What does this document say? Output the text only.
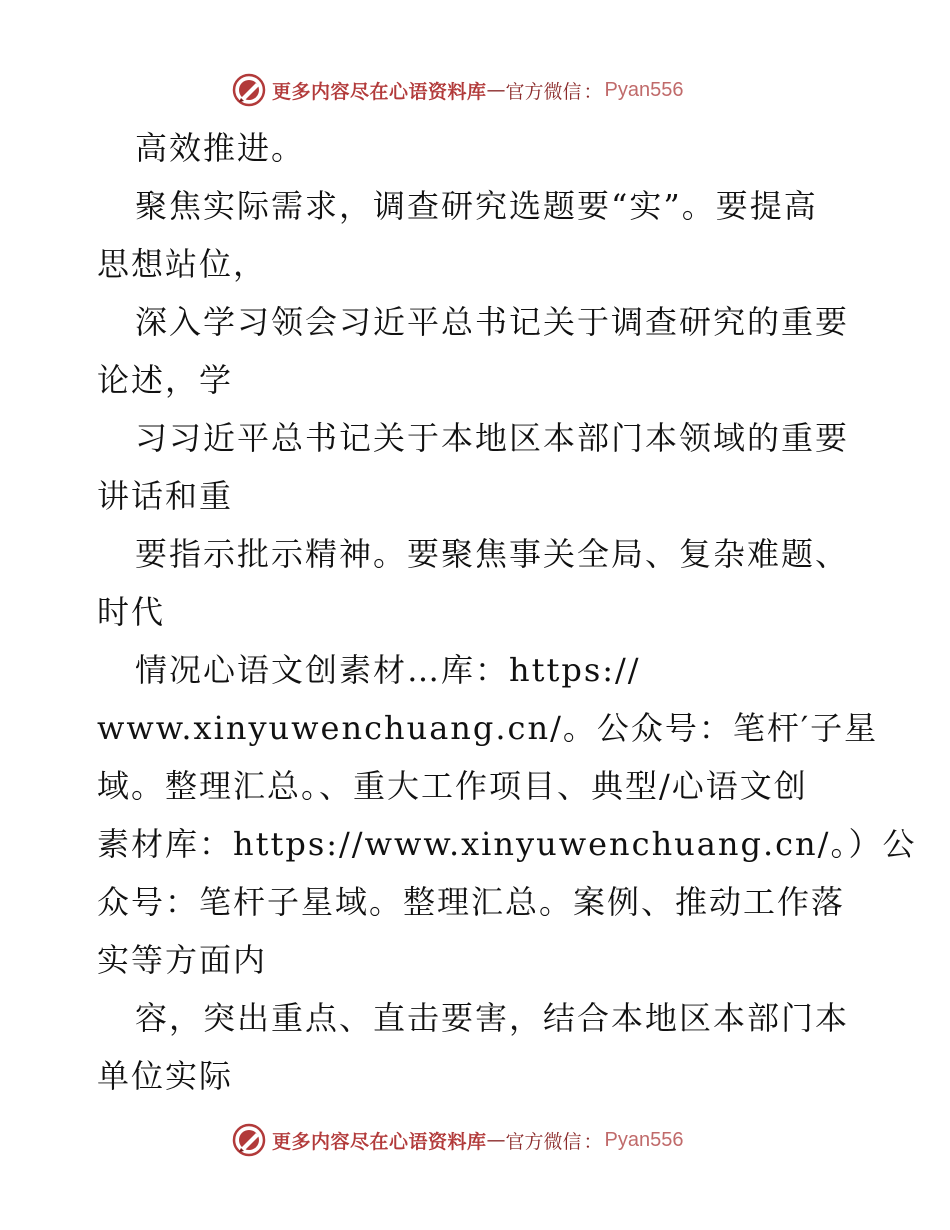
更多内容尽在心语资料库 — 官方微信 ： Pyan556
高效推进。
聚焦实际需求，调查研究选题要“实”。要提高
思想站位，
深入学习领会习近平总书记关于调查研究的重要
论述，学
习习近平总书记关于本地区本部门本领域的重要
讲话和重
要指示批示精神。要聚焦事关全局、复杂难题、
时代
情况心语文创素材…库：https://
www.xinyuwenchuang.cn/。公众号：笔杆′子星
域。整理汇总。、重大工作项目、典型/心语文创
素材库：https://www.xinyuwenchuang.cn/。）公
众号：笔杆子星域。整理汇总。案例、推动工作落
实等方面内
容，突出重点、直击要害，结合本地区本部门本
单位实际
更多内容尽在心语资料库 — 官方微信 ： Pyan556
